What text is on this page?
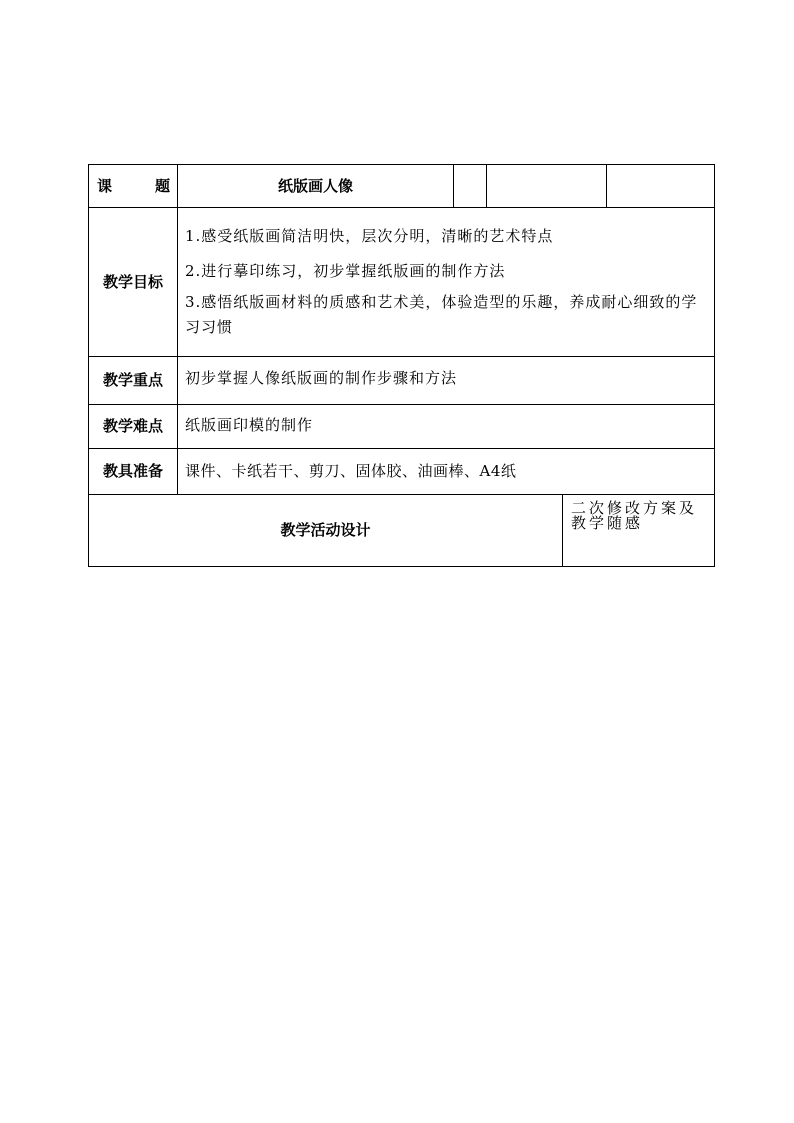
课 题	纸版画人像				
教学目标	1.感受纸版画简洁明快，层次分明，清晰的艺术特点

2.进行摹印练习，初步掌握纸版画的制作方法

3.感悟纸版画材料的质感和艺术美，体验造型的乐趣，养成耐心细致的学习习惯				

教学重点	初步掌握人像纸版画的制作步骤和方法				
教学难点	纸版画印模的制作				
教具准备	课件、卡纸若干、剪刀、固体胶、油画棒、A4纸				
教学活动设计				二次修改方案及教学随感	
